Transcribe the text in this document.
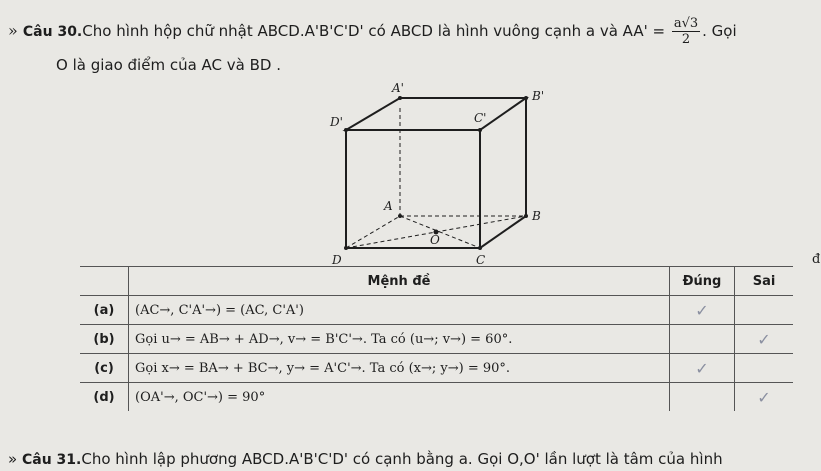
» Câu 30.Cho hình hộp chữ nhật ABCD.A'B'C'D' có ABCD là hình vuông cạnh a và $AA' = \frac{a√3}{2}$ . Gọi
O là giao điểm của AC và BD .
A'
B'
D'	C'
A
B
O
D	C	đ
	Mệnh đề	Đúng	Sai
(a)	(AC→, C'A'→) = (AC, C'A')	✓	
(b)	Gọi u→ = AB→ + AD→, v→ = B'C'→. Ta có (u→; v→) = 60°.		✓
(c)	Gọi x→ = BA→ + BC→, y→ = A'C'→. Ta có (x→; y→) = 90°.	✓	
(d)	(OA'→, OC'→) = 90°		✓
» Câu 31.Cho hình lập phương ABCD.A'B'C'D' có cạnh bằng a. Gọi O,O' lần lượt là tâm của hình
